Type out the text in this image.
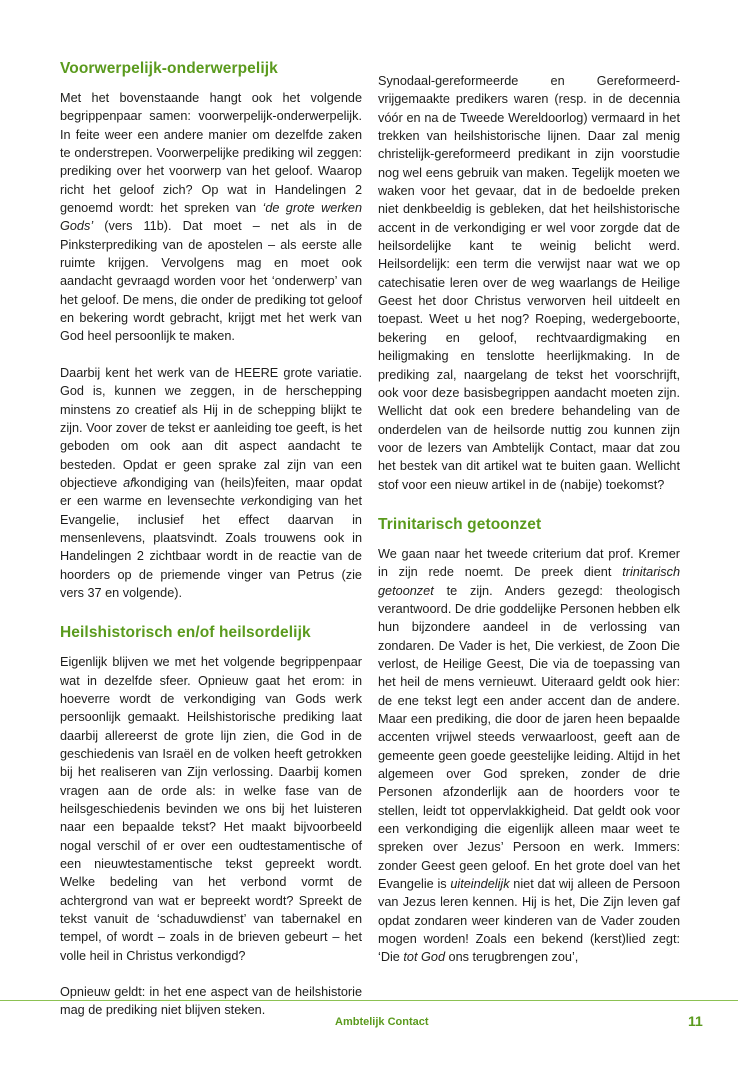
Voorwerpelijk-onderwerpelijk

Met het bovenstaande hangt ook het volgende begrippenpaar samen: voorwerpelijk-onderwerpelijk. In feite weer een andere manier om dezelfde zaken te onderstrepen. Voorwerpelijke prediking wil zeggen: prediking over het voorwerp van het geloof. Waarop richt het geloof zich? Op wat in Handelingen 2 genoemd wordt: het spreken van ‘de grote werken Gods’ (vers 11b). Dat moet – net als in de Pinksterprediking van de apostelen – als eerste alle ruimte krijgen. Vervolgens mag en moet ook aandacht gevraagd worden voor het ‘onderwerp’ van het geloof. De mens, die onder de prediking tot geloof en bekering wordt gebracht, krijgt met het werk van God heel persoonlijk te maken.

Daarbij kent het werk van de HEERE grote variatie. God is, kunnen we zeggen, in de herschepping minstens zo creatief als Hij in de schepping blijkt te zijn. Voor zover de tekst er aanleiding toe geeft, is het geboden om ook aan dit aspect aandacht te besteden. Opdat er geen sprake zal zijn van een objectieve afkondiging van (heils)feiten, maar opdat er een warme en levensechte verkondiging van het Evangelie, inclusief het effect daarvan in mensenlevens, plaatsvindt. Zoals trouwens ook in Handelingen 2 zichtbaar wordt in de reactie van de hoorders op de priemende vinger van Petrus (zie vers 37 en volgende).

Heilshistorisch en/of heilsordelijk

Eigenlijk blijven we met het volgende begrippenpaar wat in dezelfde sfeer. Opnieuw gaat het erom: in hoeverre wordt de verkondiging van Gods werk persoonlijk gemaakt. Heilshistorische prediking laat daarbij allereerst de grote lijn zien, die God in de geschiedenis van Israël en de volken heeft getrokken bij het realiseren van Zijn verlossing. Daarbij komen vragen aan de orde als: in welke fase van de heilsgeschiedenis bevinden we ons bij het luisteren naar een bepaalde tekst? Het maakt bijvoorbeeld nogal verschil of er over een oudtestamentische of een nieuwtestamentische tekst gepreekt wordt. Welke bedeling van het verbond vormt de achtergrond van wat er bepreekt wordt? Spreekt de tekst vanuit de ‘schaduwdienst’ van tabernakel en tempel, of wordt – zoals in de brieven gebeurt – het volle heil in Christus verkondigd?

Opnieuw geldt: in het ene aspect van de heilshistorie mag de prediking niet blijven steken.

Synodaal-gereformeerde en Gereformeerd-vrijgemaakte predikers waren (resp. in de decennia vóór en na de Tweede Wereldoorlog) vermaard in het trekken van heilshistorische lijnen. Daar zal menig christelijk-gereformeerd predikant in zijn voorstudie nog wel eens gebruik van maken. Tegelijk moeten we waken voor het gevaar, dat in de bedoelde preken niet denkbeeldig is gebleken, dat het heilshistorische accent in de verkondiging er wel voor zorgde dat de heilsordelijke kant te weinig belicht werd. Heilsordelijk: een term die verwijst naar wat we op catechisatie leren over de weg waarlangs de Heilige Geest het door Christus verworven heil uitdeelt en toepast. Weet u het nog? Roeping, wedergeboorte, bekering en geloof, rechtvaardigmaking en heiligmaking en tenslotte heerlijkmaking. In de prediking zal, naargelang de tekst het voorschrijft, ook voor deze basisbegrippen aandacht moeten zijn. Wellicht dat ook een bredere behandeling van de onderdelen van de heilsorde nuttig zou kunnen zijn voor de lezers van Ambtelijk Contact, maar dat zou het bestek van dit artikel wat te buiten gaan. Wellicht stof voor een nieuw artikel in de (nabije) toekomst?

Trinitarisch getoonzet

We gaan naar het tweede criterium dat prof. Kremer in zijn rede noemt. De preek dient trinitarisch getoonzet te zijn. Anders gezegd: theologisch verantwoord. De drie goddelijke Personen hebben elk hun bijzondere aandeel in de verlossing van zondaren. De Vader is het, Die verkiest, de Zoon Die verlost, de Heilige Geest, Die via de toepassing van het heil de mens vernieuwt. Uiteraard geldt ook hier: de ene tekst legt een ander accent dan de andere. Maar een prediking, die door de jaren heen bepaalde accenten vrijwel steeds verwaarloost, geeft aan de gemeente geen goede geestelijke leiding. Altijd in het algemeen over God spreken, zonder de drie Personen afzonderlijk aan de hoorders voor te stellen, leidt tot oppervlakkigheid. Dat geldt ook voor een verkondiging die eigenlijk alleen maar weet te spreken over Jezus’ Persoon en werk. Immers: zonder Geest geen geloof. En het grote doel van het Evangelie is uiteindelijk niet dat wij alleen de Persoon van Jezus leren kennen. Hij is het, Die Zijn leven gaf opdat zondaren weer kinderen van de Vader zouden mogen worden! Zoals een bekend (kerst)lied zegt: ‘Die tot God ons terugbrengen zou’,

Ambtelijk Contact	11
